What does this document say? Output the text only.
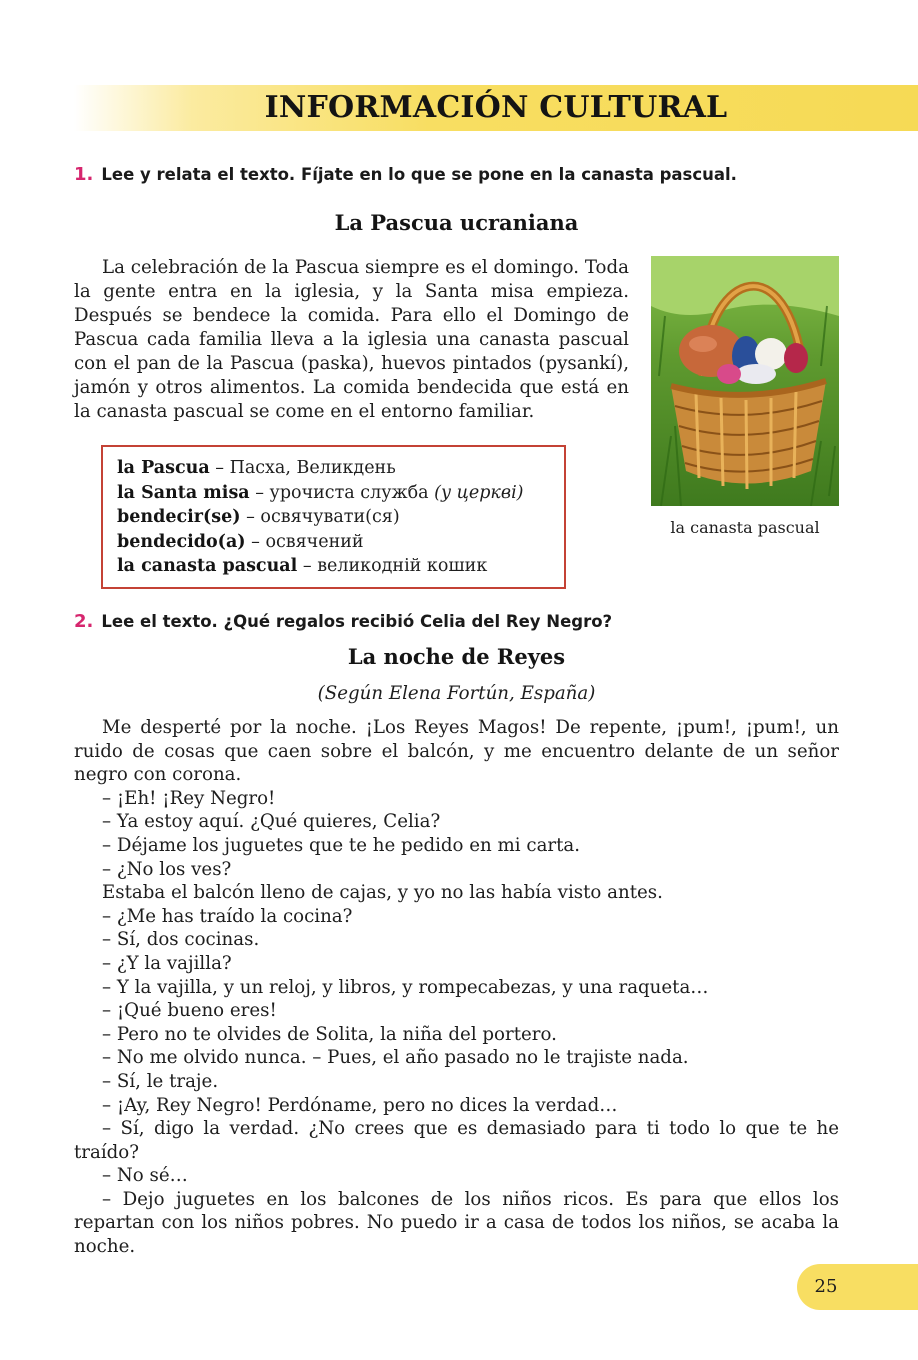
INFORMACIÓN CULTURAL
1. Lee y relata el texto. Fíjate en lo que se pone en la canasta pascual.
La Pascua ucraniana

La celebración de la Pascua siempre es el domingo. Toda la gente entra en la iglesia, y la Santa misa empieza. Después se bendece la comida. Para ello el Domingo de Pascua cada familia lleva a la iglesia una canasta pascual con el pan de la Pascua (paska), huevos pintados (pysankí), jamón y otros alimentos. La comida bendecida que está en la canasta pascual se come en el entorno familiar.

la canasta pascual
la Pascua – Пасха, Великдень
la Santa misa – урочиста служба (у церкві)
bendecir(se) – освячувати(ся)
bendecido(a) – освячений
la canasta pascual – великодній кошик
2. Lee el texto. ¿Qué regalos recibió Celia del Rey Negro?
La noche de Reyes
(Según Elena Fortún, España)

Me desperté por la noche. ¡Los Reyes Magos! De repente, ¡pum!, ¡pum!, un ruido de cosas que caen sobre el balcón, y me encuentro delante de un señor negro con corona.

– ¡Eh! ¡Rey Negro!

– Ya estoy aquí. ¿Qué quieres, Celia?

– Déjame los juguetes que te he pedido en mi carta.

– ¿No los ves?

Estaba el balcón lleno de cajas, y yo no las había visto antes.

– ¿Me has traído la cocina?

– Sí, dos cocinas.

– ¿Y la vajilla?

– Y la vajilla, y un reloj, y libros, y rompecabezas, y una raqueta…

– ¡Qué bueno eres!

– Pero no te olvides de Solita, la niña del portero.

– No me olvido nunca. – Pues, el año pasado no le trajiste nada.

– Sí, le traje.

– ¡Ay, Rey Negro! Perdóname, pero no dices la verdad…

– Sí, digo la verdad. ¿No crees que es demasiado para ti todo lo que te he traído?

– No sé…

– Dejo juguetes en los balcones de los niños ricos. Es para que ellos los repartan con los niños pobres. No puedo ir a casa de todos los niños, se acaba la noche.

25
